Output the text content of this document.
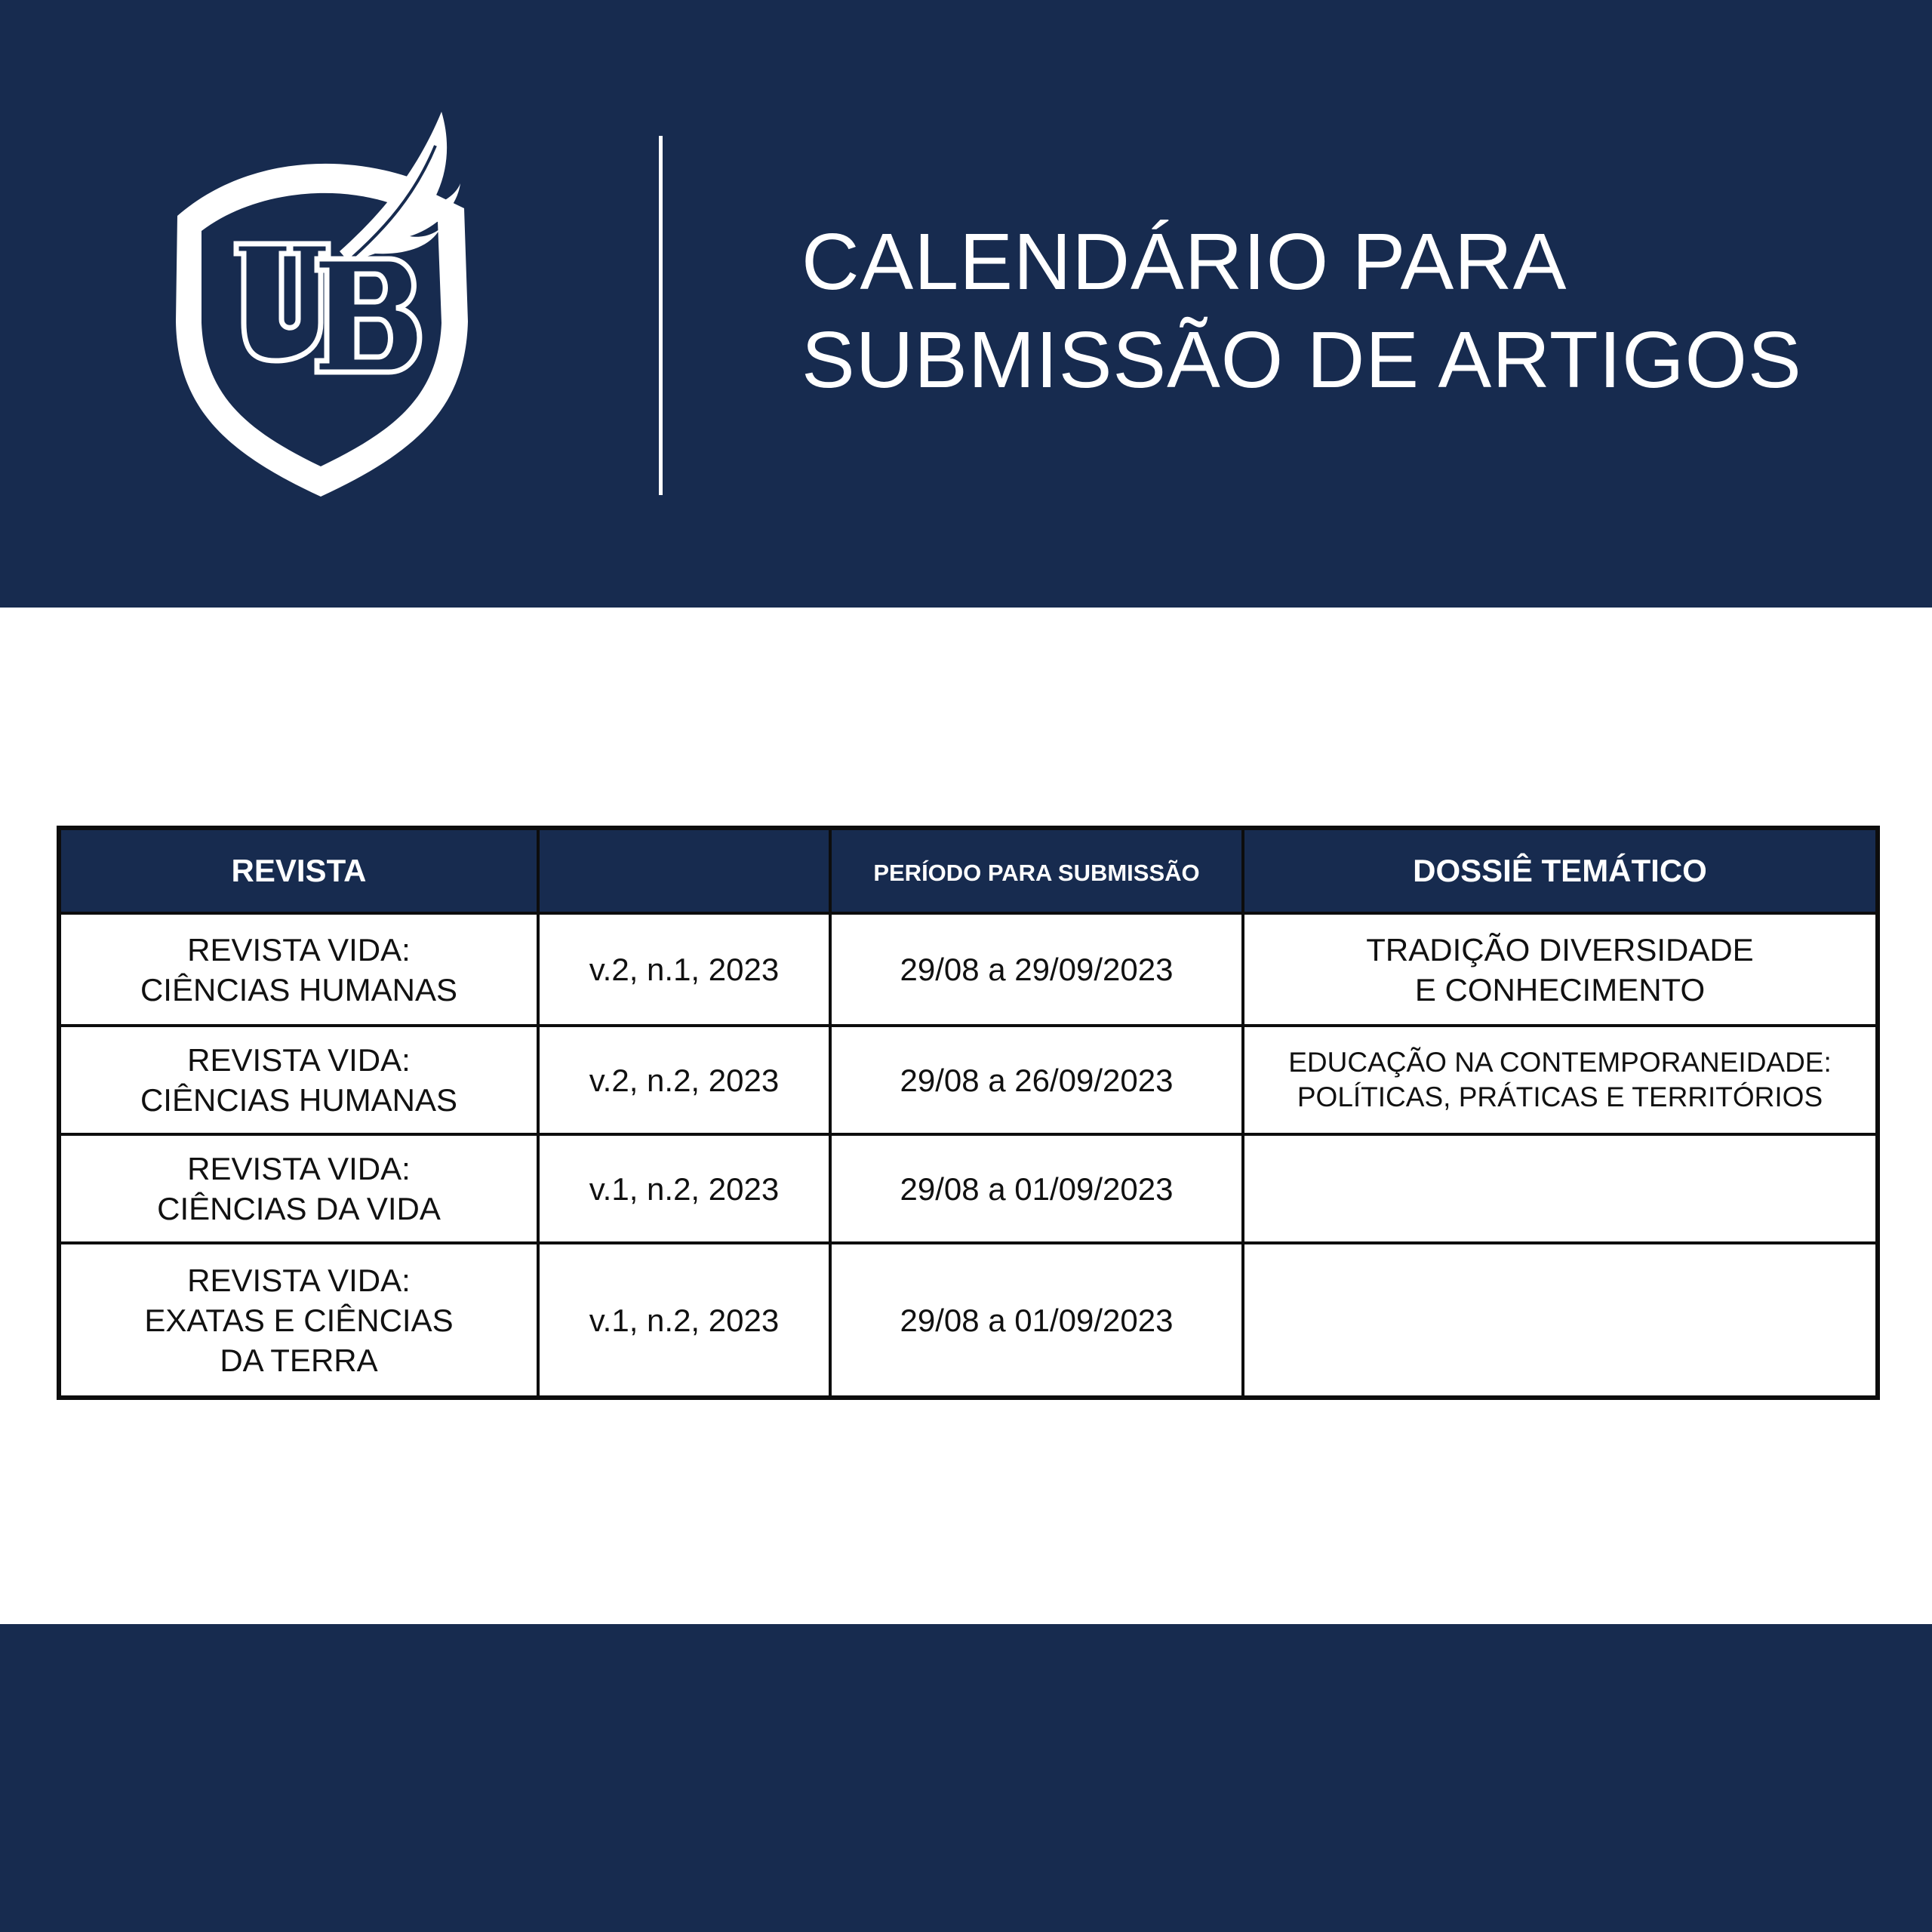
CALENDÁRIO PARA
SUBMISSÃO DE ARTIGOS
REVISTA		PERÍODO PARA SUBMISSÃO	DOSSIÊ TEMÁTICO

REVISTA VIDA:
CIÊNCIAS HUMANAS	v.2, n.1, 2023	29/08 a 29/09/2023	TRADIÇÃO DIVERSIDADE
E CONHECIMENTO

REVISTA VIDA:
CIÊNCIAS HUMANAS	v.2, n.2, 2023	29/08 a 26/09/2023	EDUCAÇÃO NA CONTEMPORANEIDADE:
POLÍTICAS, PRÁTICAS E TERRITÓRIOS

REVISTA VIDA:
CIÊNCIAS DA VIDA	v.1, n.2, 2023	29/08 a 01/09/2023	

REVISTA VIDA:
EXATAS E CIÊNCIAS
DA TERRA	v.1, n.2, 2023	29/08 a 01/09/2023	
